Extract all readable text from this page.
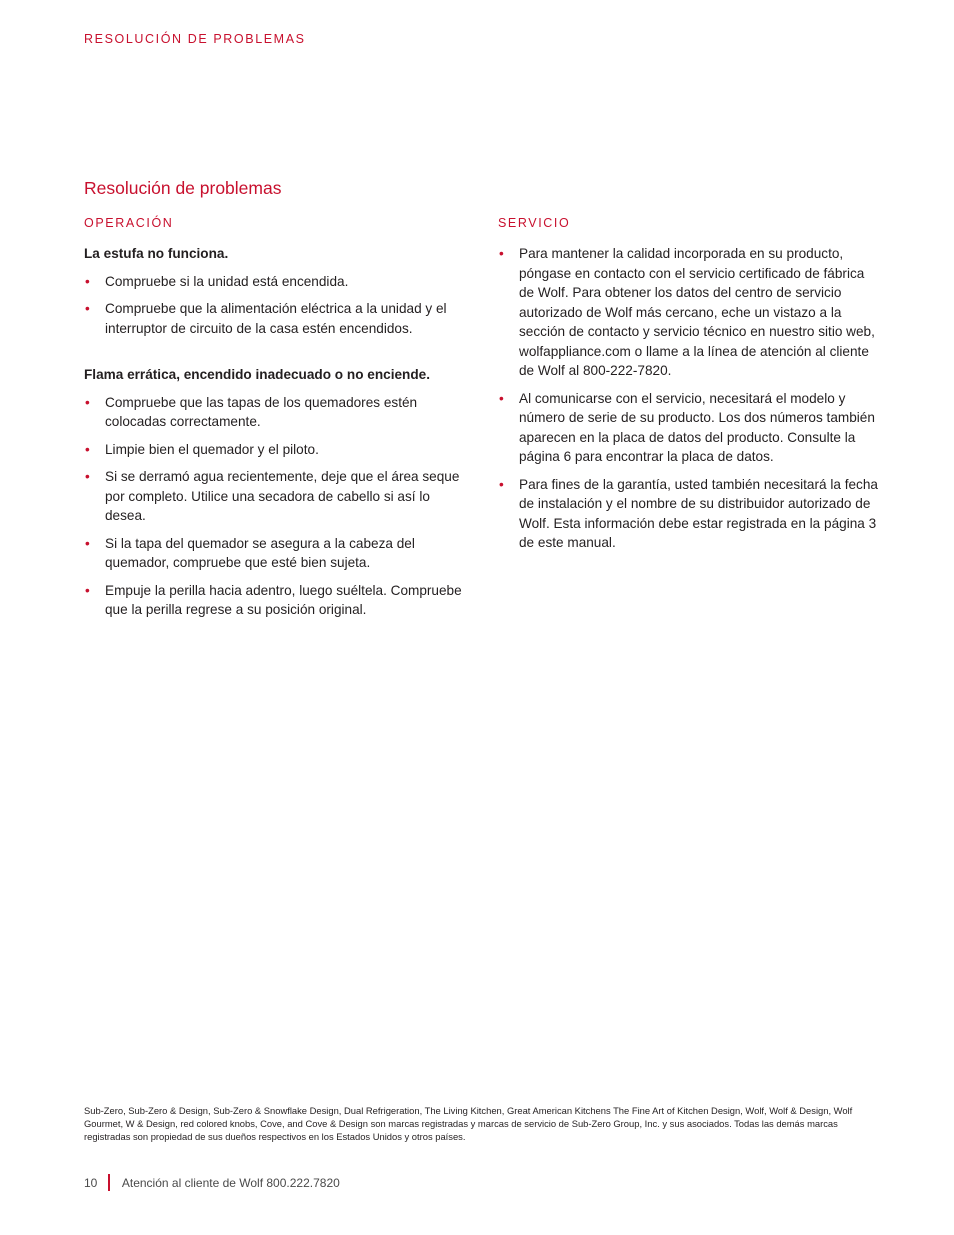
RESOLUCIÓN DE PROBLEMAS
Resolución de problemas
OPERACIÓN
La estufa no funciona.
• Compruebe si la unidad está encendida.
• Compruebe que la alimentación eléctrica a la unidad y el interruptor de circuito de la casa estén encendidos.
Flama errática, encendido inadecuado o no enciende.
• Compruebe que las tapas de los quemadores estén colocadas correctamente.
• Limpie bien el quemador y el piloto.
• Si se derramó agua recientemente, deje que el área seque por completo. Utilice una secadora de cabello si así lo desea.
• Si la tapa del quemador se asegura a la cabeza del quemador, compruebe que esté bien sujeta.
• Empuje la perilla hacia adentro, luego suéltela. Compruebe que la perilla regrese a su posición original.
SERVICIO
• Para mantener la calidad incorporada en su producto, póngase en contacto con el servicio certificado de fábrica de Wolf. Para obtener los datos del centro de servicio autorizado de Wolf más cercano, eche un vistazo a la sección de contacto y servicio técnico en nuestro sitio web, wolfappliance.com o llame a la línea de atención al cliente de Wolf al 800-222-7820.
• Al comunicarse con el servicio, necesitará el modelo y número de serie de su producto. Los dos números también aparecen en la placa de datos del producto. Consulte la página 6 para encontrar la placa de datos.
• Para fines de la garantía, usted también necesitará la fecha de instalación y el nombre de su distribuidor autorizado de Wolf. Esta información debe estar registrada en la página 3 de este manual.

Sub-Zero, Sub-Zero & Design, Sub-Zero & Snowflake Design, Dual Refrigeration, The Living Kitchen, Great American Kitchens The Fine Art of Kitchen Design, Wolf, Wolf & Design, Wolf Gourmet, W & Design, red colored knobs, Cove, and Cove & Design son marcas registradas y marcas de servicio de Sub-Zero Group, Inc. y sus asociados. Todas las demás marcas registradas son propiedad de sus dueños respectivos en los Estados Unidos y otros países.

10 Atención al cliente de Wolf 800.222.7820
